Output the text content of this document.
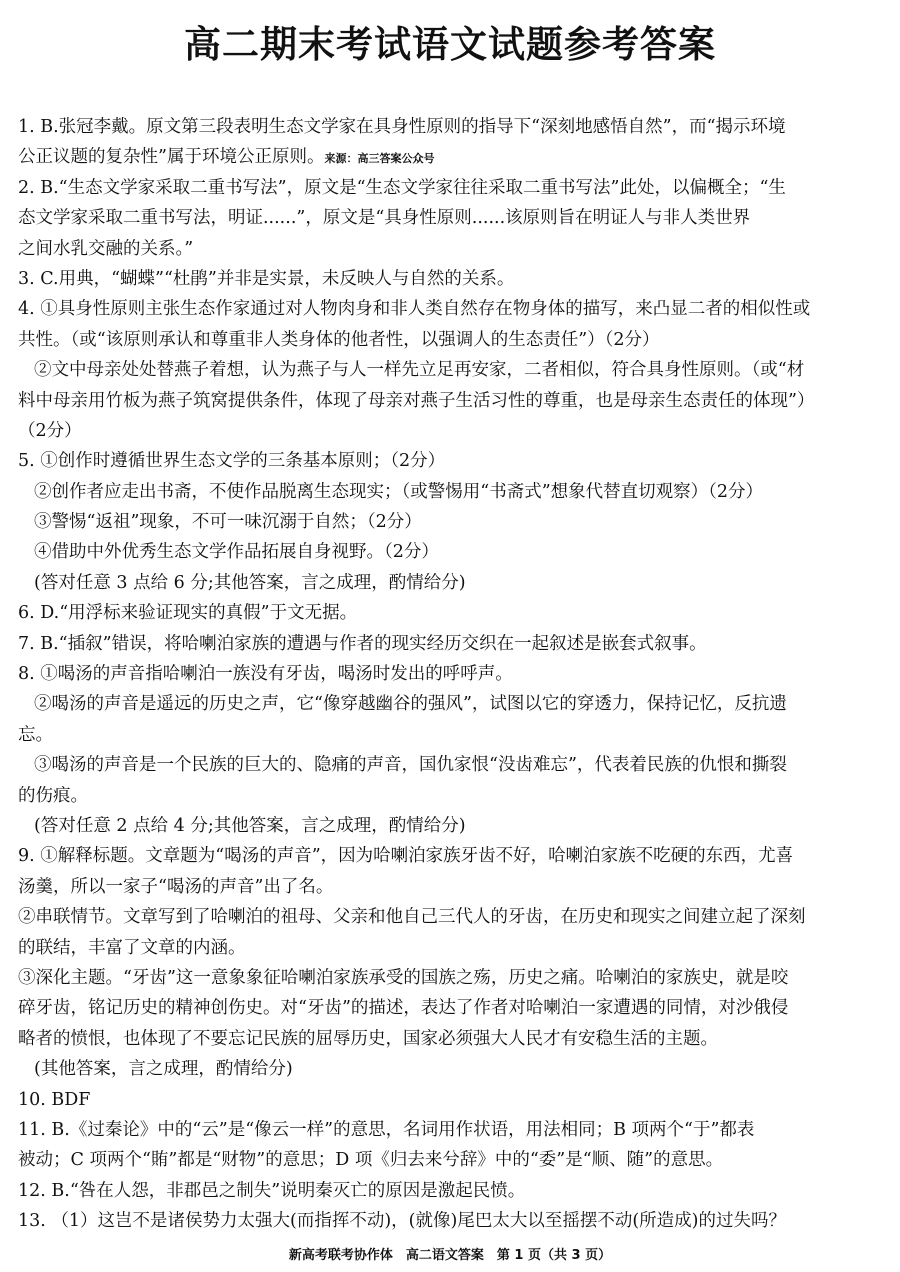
高二期末考试语文试题参考答案
1. B.张冠李戴。原文第三段表明生态文学家在具身性原则的指导下“深刻地感悟自然”，而“揭示环境
公正议题的复杂性”属于环境公正原则。来源：高三答案公众号
2. B.“生态文学家采取二重书写法”，原文是“生态文学家往往采取二重书写法”此处，以偏概全；“生
态文学家采取二重书写法，明证......”，原文是“具身性原则......该原则旨在明证人与非人类世界
之间水乳交融的关系。”
3. C.用典，“蝴蝶”“杜鹃”并非是实景，未反映人与自然的关系。
4. ①具身性原则主张生态作家通过对人物肉身和非人类自然存在物身体的描写，来凸显二者的相似性或
共性。（或“该原则承认和尊重非人类身体的他者性，以强调人的生态责任”）（2分）
②文中母亲处处替燕子着想，认为燕子与人一样先立足再安家，二者相似，符合具身性原则。（或“材
料中母亲用竹板为燕子筑窝提供条件，体现了母亲对燕子生活习性的尊重，也是母亲生态责任的体现”）
（2分）
5. ①创作时遵循世界生态文学的三条基本原则；（2分）
②创作者应走出书斋，不使作品脱离生态现实；（或警惕用“书斋式”想象代替直切观察）（2分）
③警惕“返祖”现象，不可一味沉溺于自然；（2分）
④借助中外优秀生态文学作品拓展自身视野。（2分）
(答对任意 3 点给 6 分;其他答案，言之成理，酌情给分)
6. D.“用浮标来验证现实的真假”于文无据。
7. B.“插叙”错误，将哈喇泊家族的遭遇与作者的现实经历交织在一起叙述是嵌套式叙事。
8. ①喝汤的声音指哈喇泊一族没有牙齿，喝汤时发出的呼呼声。
②喝汤的声音是遥远的历史之声，它“像穿越幽谷的强风”，试图以它的穿透力，保持记忆，反抗遗
忘。
③喝汤的声音是一个民族的巨大的、隐痛的声音，国仇家恨“没齿难忘”，代表着民族的仇恨和撕裂
的伤痕。
(答对任意 2 点给 4 分;其他答案，言之成理，酌情给分)
9. ①解释标题。文章题为“喝汤的声音”，因为哈喇泊家族牙齿不好，哈喇泊家族不吃硬的东西，尤喜
汤羹，所以一家子“喝汤的声音”出了名。
②串联情节。文章写到了哈喇泊的祖母、父亲和他自己三代人的牙齿，在历史和现实之间建立起了深刻
的联结，丰富了文章的内涵。
③深化主题。“牙齿”这一意象象征哈喇泊家族承受的国族之殇，历史之痛。哈喇泊的家族史，就是咬
碎牙齿，铭记历史的精神创伤史。对“牙齿”的描述，表达了作者对哈喇泊一家遭遇的同情，对沙俄侵
略者的愤恨，也体现了不要忘记民族的屈辱历史，国家必须强大人民才有安稳生活的主题。
(其他答案，言之成理，酌情给分)
10. BDF
11. B.《过秦论》中的“云”是“像云一样”的意思，名词用作状语，用法相同；B 项两个“于”都表
被动；C 项两个“賄”都是“财物”的意思；D 项《归去来兮辞》中的“委”是“顺、随”的意思。
12. B.“咎在人怨，非郡邑之制失”说明秦灭亡的原因是激起民愤。
13. （1）这岂不是诸侯势力太强大(而指挥不动)，(就像)尾巴太大以至摇摆不动(所造成)的过失吗？
新高考联考协作体　高二语文答案　第 1 页（共 3 页）
